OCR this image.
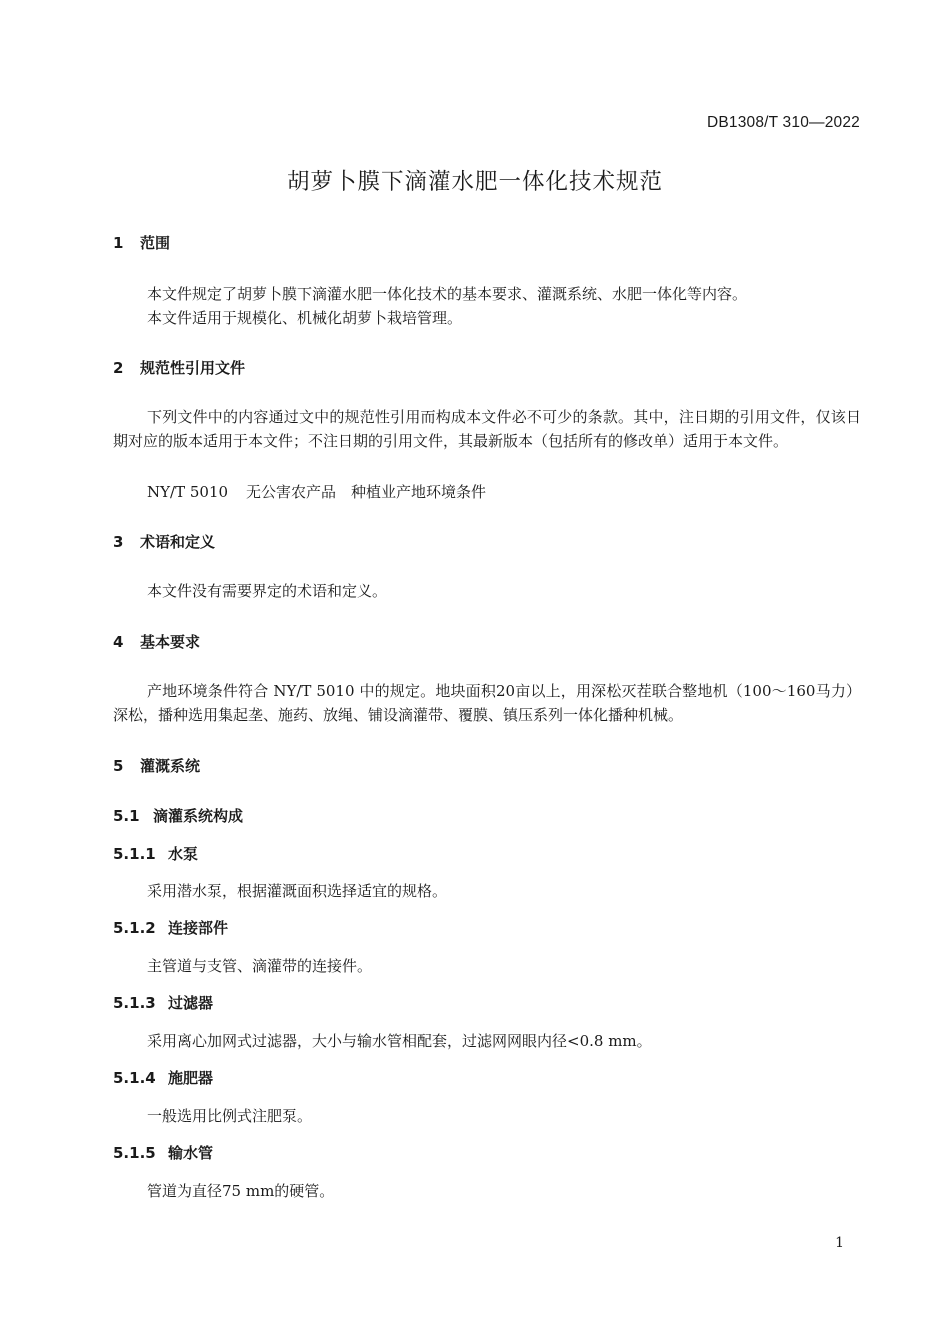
DB1308/T 310—2022
胡萝卜膜下滴灌水肥一体化技术规范
1 范围
本文件规定了胡萝卜膜下滴灌水肥一体化技术的基本要求、灌溉系统、水肥一体化等内容。
本文件适用于规模化、机械化胡萝卜栽培管理。
2 规范性引用文件
下列文件中的内容通过文中的规范性引用而构成本文件必不可少的条款。其中，注日期的引用文件，仅该日期对应的版本适用于本文件；不注日期的引用文件，其最新版本（包括所有的修改单）适用于本文件。
NY/T 5010 无公害农产品　种植业产地环境条件
3 术语和定义
本文件没有需要界定的术语和定义。
4 基本要求
产地环境条件符合 NY/T 5010 中的规定。地块面积20亩以上，用深松灭茬联合整地机（100～160马力）深松，播种选用集起垄、施药、放绳、铺设滴灌带、覆膜、镇压系列一体化播种机械。
5 灌溉系统
5.1 滴灌系统构成
5.1.1 水泵
采用潜水泵，根据灌溉面积选择适宜的规格。
5.1.2 连接部件
主管道与支管、滴灌带的连接件。
5.1.3 过滤器
采用离心加网式过滤器，大小与输水管相配套，过滤网网眼内径<0.8 mm。
5.1.4 施肥器
一般选用比例式注肥泵。
5.1.5 输水管
管道为直径75 mm的硬管。
1
